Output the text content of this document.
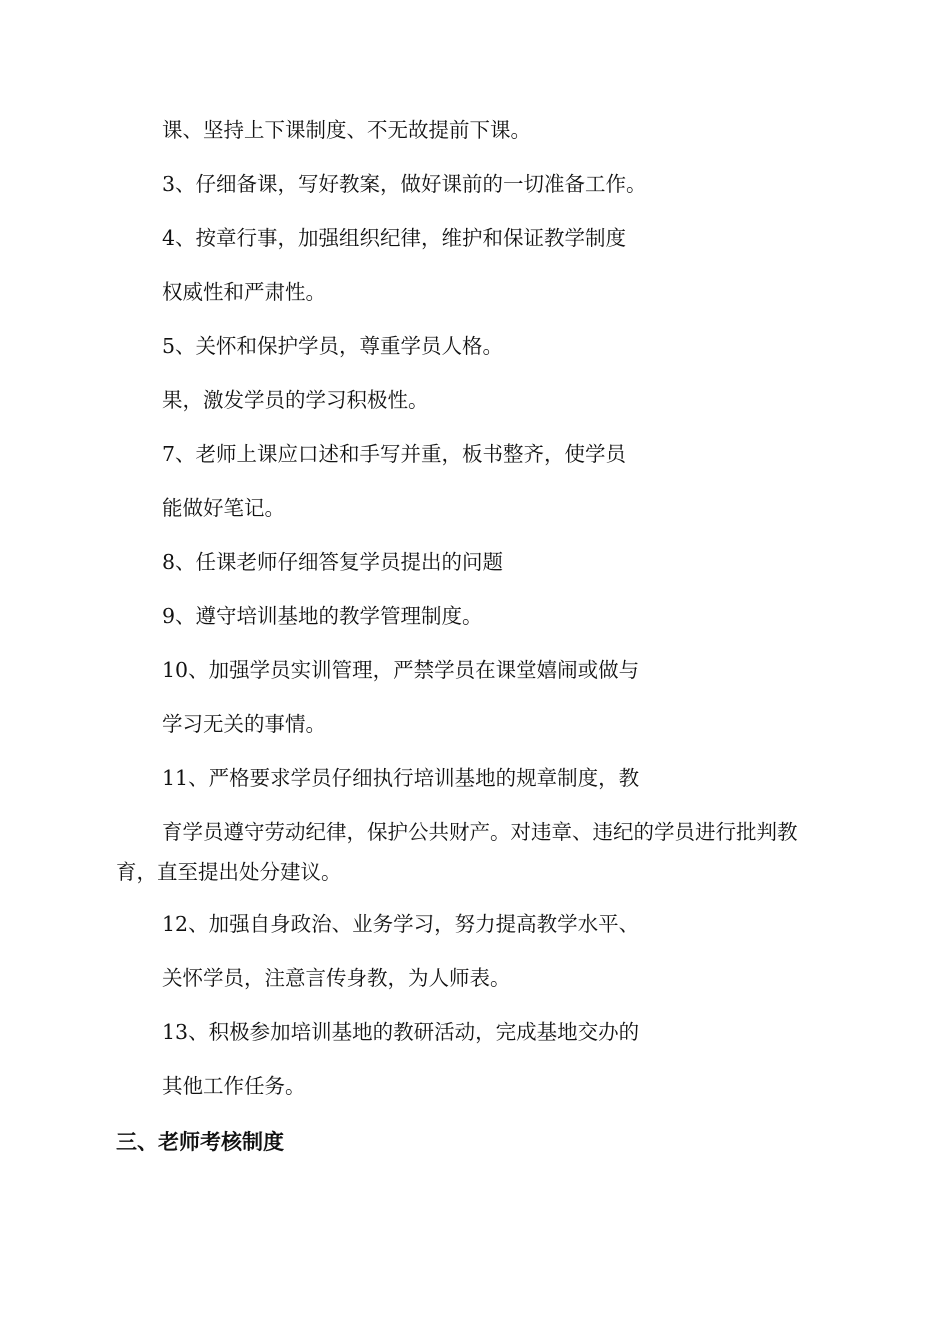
课、坚持上下课制度、不无故提前下课。

3、仔细备课，写好教案，做好课前的一切准备工作。

4、按章行事，加强组织纪律，维护和保证教学制度

权威性和严肃性。

5、关怀和保护学员，尊重学员人格。

果，激发学员的学习积极性。

7、老师上课应口述和手写并重，板书整齐，使学员

能做好笔记。

8、任课老师仔细答复学员提出的问题

9、遵守培训基地的教学管理制度。

10、加强学员实训管理，严禁学员在课堂嬉闹或做与

学习无关的事情。

11、严格要求学员仔细执行培训基地的规章制度，教

育学员遵守劳动纪律，保护公共财产。对违章、违纪的学员进行批判教育，直至提出处分建议。

12、加强自身政治、业务学习，努力提高教学水平、

关怀学员，注意言传身教，为人师表。

13、积极参加培训基地的教研活动，完成基地交办的

其他工作任务。

三、老师考核制度
